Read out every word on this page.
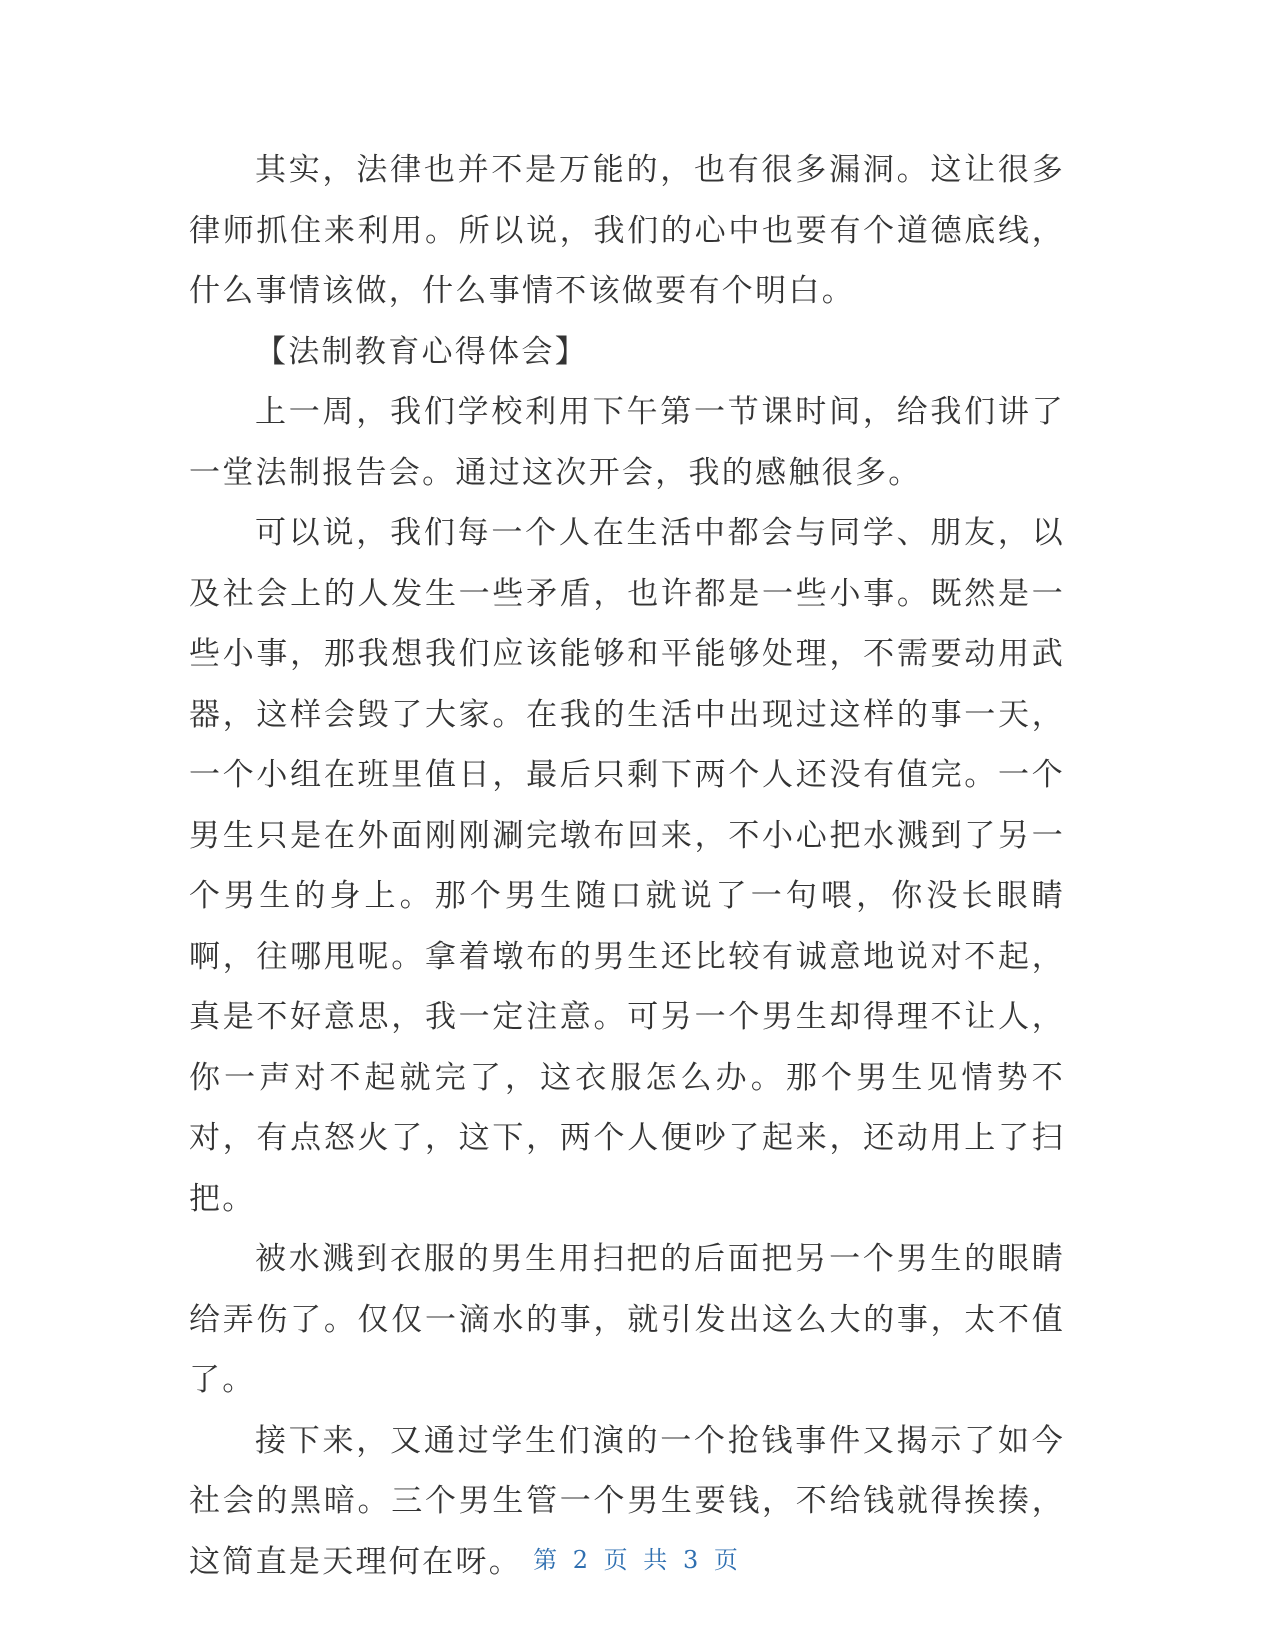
其实，法律也并不是万能的，也有很多漏洞。这让很多律师抓住来利用。所以说，我们的心中也要有个道德底线，什么事情该做，什么事情不该做要有个明白。

【法制教育心得体会】

上一周，我们学校利用下午第一节课时间，给我们讲了一堂法制报告会。通过这次开会，我的感触很多。

可以说，我们每一个人在生活中都会与同学、朋友，以及社会上的人发生一些矛盾，也许都是一些小事。既然是一些小事，那我想我们应该能够和平能够处理，不需要动用武器，这样会毁了大家。在我的生活中出现过这样的事一天，一个小组在班里值日，最后只剩下两个人还没有值完。一个男生只是在外面刚刚涮完墩布回来，不小心把水溅到了另一个男生的身上。那个男生随口就说了一句喂，你没长眼睛啊，往哪甩呢。拿着墩布的男生还比较有诚意地说对不起，真是不好意思，我一定注意。可另一个男生却得理不让人，你一声对不起就完了，这衣服怎么办。那个男生见情势不对，有点怒火了，这下，两个人便吵了起来，还动用上了扫把。

被水溅到衣服的男生用扫把的后面把另一个男生的眼睛给弄伤了。仅仅一滴水的事，就引发出这么大的事，太不值了。

接下来，又通过学生们演的一个抢钱事件又揭示了如今社会的黑暗。三个男生管一个男生要钱，不给钱就得挨揍，这简直是天理何在呀。 第 2 页 共 3 页
